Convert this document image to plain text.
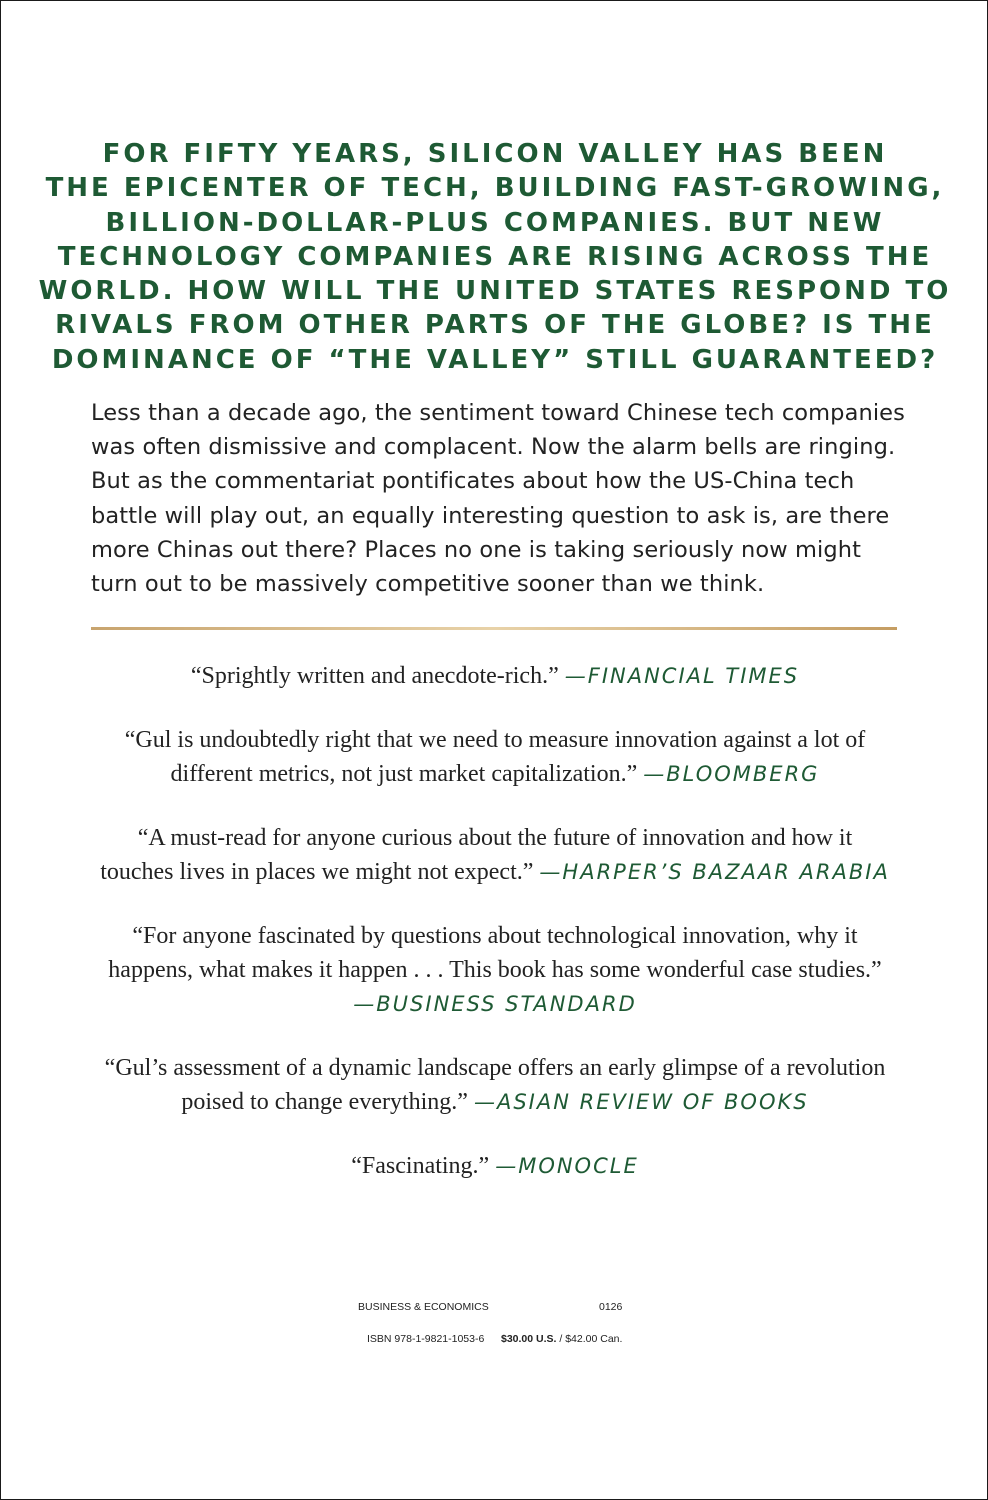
FOR FIFTY YEARS, SILICON VALLEY HAS BEEN
THE EPICENTER OF TECH, BUILDING FAST-GROWING,
BILLION-DOLLAR-PLUS COMPANIES. BUT NEW
TECHNOLOGY COMPANIES ARE RISING ACROSS THE
WORLD. HOW WILL THE UNITED STATES RESPOND TO
RIVALS FROM OTHER PARTS OF THE GLOBE? IS THE
DOMINANCE OF “THE VALLEY” STILL GUARANTEED?
Less than a decade ago, the sentiment toward Chinese tech companies
was often dismissive and complacent. Now the alarm bells are ringing.
But as the commentariat pontificates about how the US-China tech
battle will play out, an equally interesting question to ask is, are there
more Chinas out there? Places no one is taking seriously now might
turn out to be massively competitive sooner than we think.
“Sprightly written and anecdote-rich.” —FINANCIAL TIMES
“Gul is undoubtedly right that we need to measure innovation against a lot of
different metrics, not just market capitalization.” —BLOOMBERG
“A must-read for anyone curious about the future of innovation and how it
touches lives in places we might not expect.” —HARPER’S BAZAAR ARABIA
“For anyone fascinated by questions about technological innovation, why it
happens, what makes it happen . . . This book has some wonderful case studies.”
—BUSINESS STANDARD
“Gul’s assessment of a dynamic landscape offers an early glimpse of a revolution
poised to change everything.” —ASIAN REVIEW OF BOOKS
“Fascinating.” —MONOCLE
BUSINESS & ECONOMICS	0126
ISBN 978-1-9821-1053-6 $30.00 U.S. / $42.00 Can.
